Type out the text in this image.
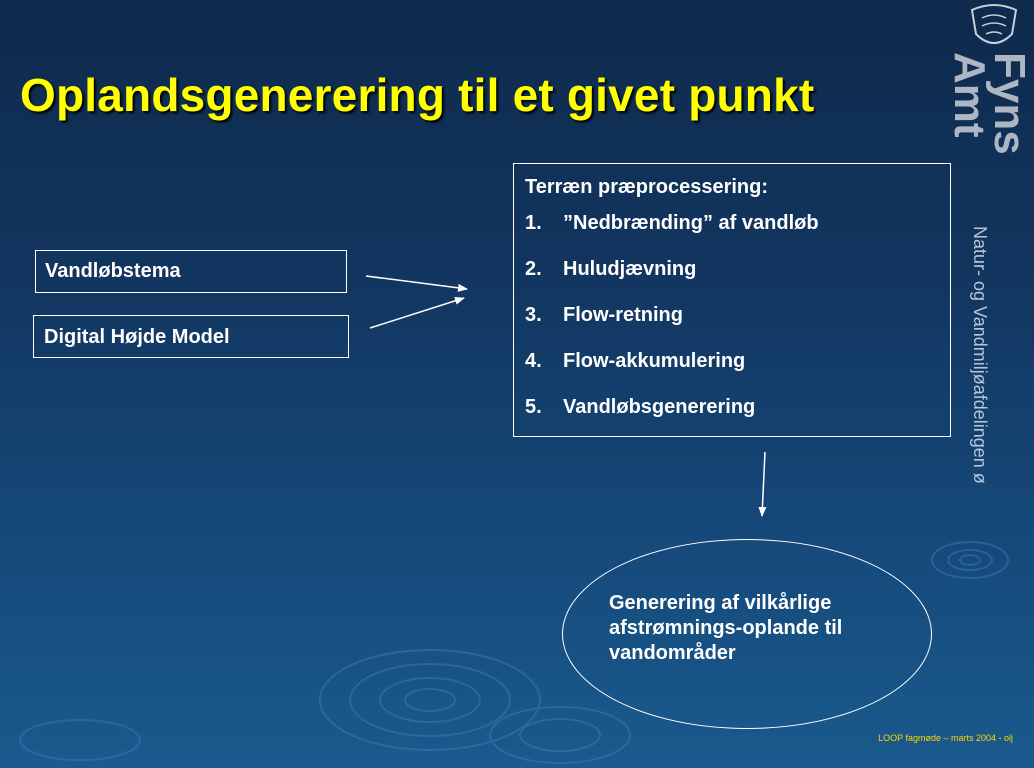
Oplandsgenerering til et givet punkt	Fyns
Amt
Natur- og Vandmiljøafdelingen ø
Vandløbstema
Digital Højde Model
Terræn præprocessering:
1.	”Nedbrænding” af vandløb
2.	Huludjævning
3.	Flow-retning
4.	Flow-akkumulering
5.	Vandløbsgenerering
Generering af vilkårlige afstrømnings-oplande til vandområder
LOOP fagmøde – marts 2004 - olj
